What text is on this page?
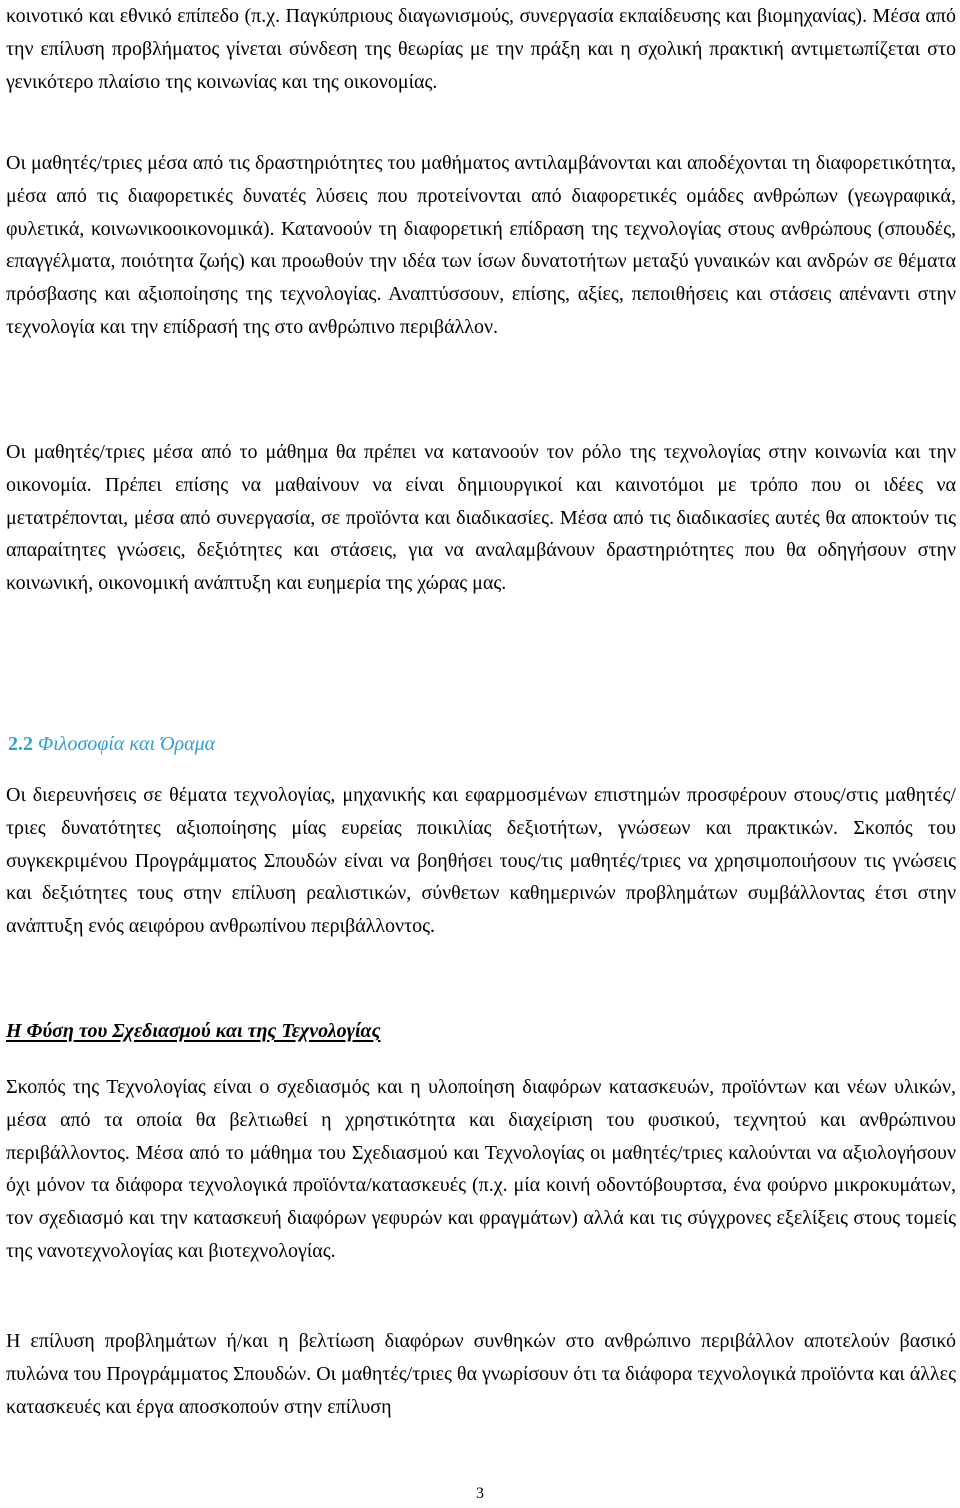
κοινοτικό και εθνικό επίπεδο (π.χ. Παγκύπριους διαγωνισμούς, συνεργασία εκπαίδευσης και βιομηχανίας). Μέσα από την επίλυση προβλήματος γίνεται σύνδεση της θεωρίας με την πράξη και η σχολική πρακτική αντιμετωπίζεται στο γενικότερο πλαίσιο της κοινωνίας και της οικονομίας.

Οι μαθητές/τριες μέσα από τις δραστηριότητες του μαθήματος αντιλαμβάνονται και αποδέχονται τη διαφορετικότητα, μέσα από τις διαφορετικές δυνατές λύσεις που προτείνονται από διαφορετικές ομάδες ανθρώπων (γεωγραφικά, φυλετικά, κοινωνικοοικονομικά). Κατανοούν τη διαφορετική επίδραση της τεχνολογίας στους ανθρώπους (σπουδές, επαγγέλματα, ποιότητα ζωής) και προωθούν την ιδέα των ίσων δυνατοτήτων μεταξύ γυναικών και ανδρών σε θέματα πρόσβασης και αξιοποίησης της τεχνολογίας. Αναπτύσσουν, επίσης, αξίες, πεποιθήσεις και στάσεις απέναντι στην τεχνολογία και την επίδρασή της στο ανθρώπινο περιβάλλον.

Οι μαθητές/τριες μέσα από το μάθημα θα πρέπει να κατανοούν τον ρόλο της τεχνολογίας στην κοινωνία και την οικονομία. Πρέπει επίσης να μαθαίνουν να είναι δημιουργικοί και καινοτόμοι με τρόπο που οι ιδέες να μετατρέπονται, μέσα από συνεργασία, σε προϊόντα και διαδικασίες. Μέσα από τις διαδικασίες αυτές θα αποκτούν τις απαραίτητες γνώσεις, δεξιότητες και στάσεις, για να αναλαμβάνουν δραστηριότητες που θα οδηγήσουν στην κοινωνική, οικονομική ανάπτυξη και ευημερία της χώρας μας.

2.2 Φιλοσοφία και Όραμα

Οι διερευνήσεις σε θέματα τεχνολογίας, μηχανικής και εφαρμοσμένων επιστημών προσφέρουν στους/στις μαθητές/τριες δυνατότητες αξιοποίησης μίας ευρείας ποικιλίας δεξιοτήτων, γνώσεων και πρακτικών. Σκοπός του συγκεκριμένου Προγράμματος Σπουδών είναι να βοηθήσει τους/τις μαθητές/τριες να χρησιμοποιήσουν τις γνώσεις και δεξιότητες τους στην επίλυση ρεαλιστικών, σύνθετων καθημερινών προβλημάτων συμβάλλοντας έτσι στην ανάπτυξη ενός αειφόρου ανθρωπίνου περιβάλλοντος.

Η Φύση του Σχεδιασμού και της Τεχνολογίας

Σκοπός της Τεχνολογίας είναι ο σχεδιασμός και η υλοποίηση διαφόρων κατασκευών, προϊόντων και νέων υλικών, μέσα από τα οποία θα βελτιωθεί η χρηστικότητα και διαχείριση του φυσικού, τεχνητού και ανθρώπινου περιβάλλοντος. Μέσα από το μάθημα του Σχεδιασμού και Τεχνολογίας οι μαθητές/τριες καλούνται να αξιολογήσουν όχι μόνον τα διάφορα τεχνολογικά προϊόντα/κατασκευές (π.χ. μία κοινή οδοντόβουρτσα, ένα φούρνο μικροκυμάτων, τον σχεδιασμό και την κατασκευή διαφόρων γεφυρών και φραγμάτων) αλλά και τις σύγχρονες εξελίξεις στους τομείς της νανοτεχνολογίας και βιοτεχνολογίας.

Η επίλυση προβλημάτων ή/και η βελτίωση διαφόρων συνθηκών στο ανθρώπινο περιβάλλον αποτελούν βασικό πυλώνα του Προγράμματος Σπουδών. Οι μαθητές/τριες θα γνωρίσουν ότι τα διάφορα τεχνολογικά προϊόντα και άλλες κατασκευές και έργα αποσκοπούν στην επίλυση

3
